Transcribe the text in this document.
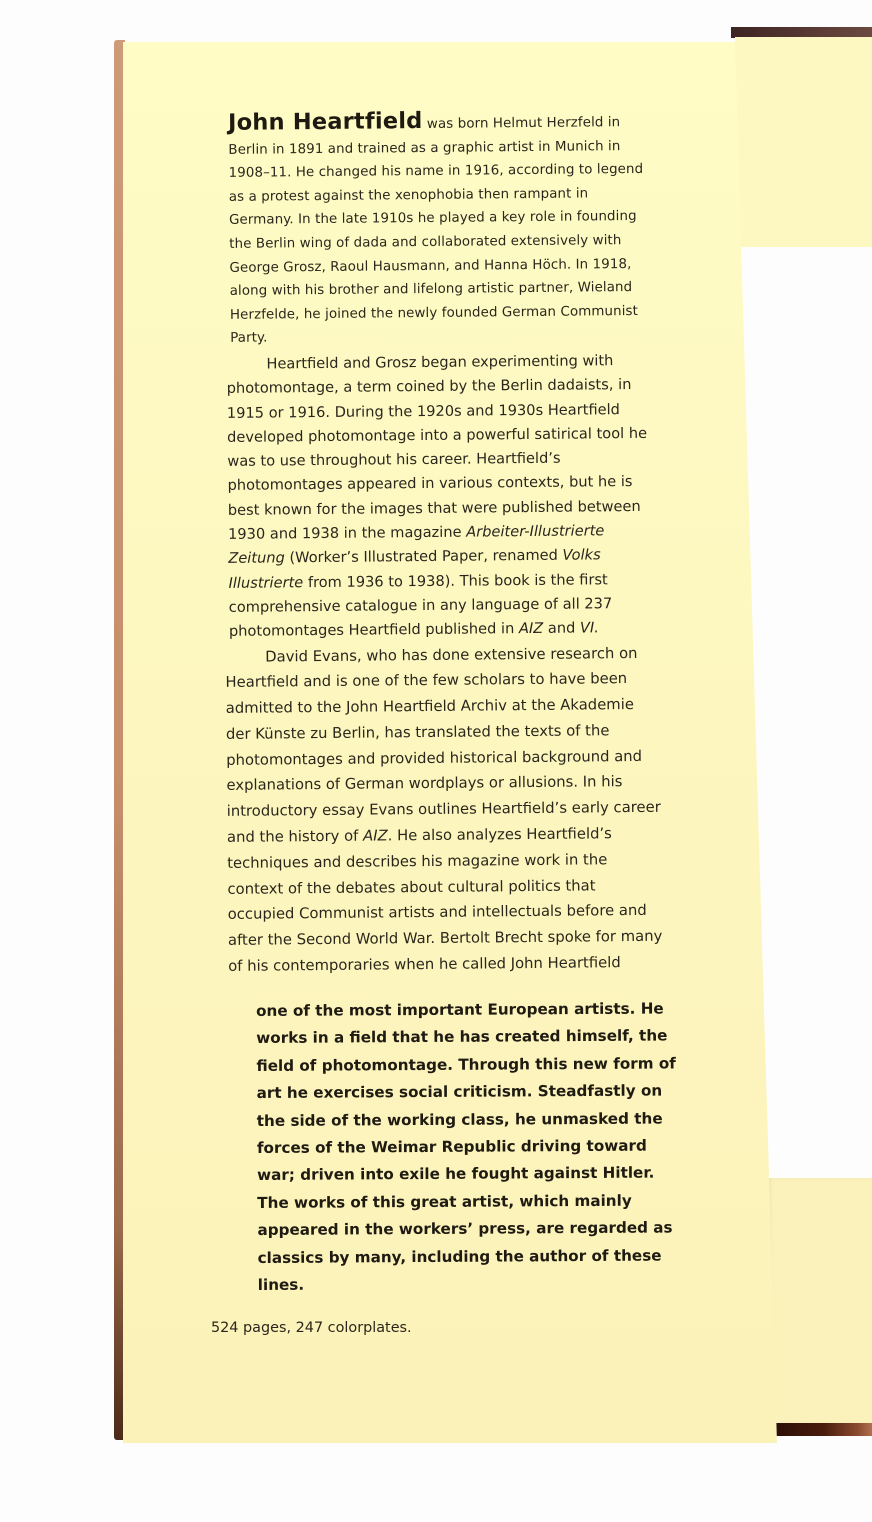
John Heartfield was born Helmut Herzfeld in Berlin in 1891 and trained as a graphic artist in Munich in 1908–11. He changed his name in 1916, according to legend as a protest against the xenophobia then rampant in Germany. In the late 1910s he played a key role in founding the Berlin wing of dada and collaborated extensively with George Grosz, Raoul Hausmann, and Hanna Höch. In 1918, along with his brother and lifelong artistic partner, Wieland Herzfelde, he joined the newly founded German Communist Party.

Heartfield and Grosz began experimenting with photomontage, a term coined by the Berlin dadaists, in 1915 or 1916. During the 1920s and 1930s Heartfield developed photomontage into a powerful satirical tool he was to use throughout his career. Heartfield’s photomontages appeared in various contexts, but he is best known for the images that were published between 1930 and 1938 in the magazine Arbeiter-Illustrierte Zeitung (Worker’s Illustrated Paper, renamed Volks Illustrierte from 1936 to 1938). This book is the first comprehensive catalogue in any language of all 237 photomontages Heartfield published in AIZ and VI.

David Evans, who has done extensive research on Heartfield and is one of the few scholars to have been admitted to the John Heartfield Archiv at the Akademie der Künste zu Berlin, has translated the texts of the photomontages and provided historical background and explanations of German wordplays or allusions. In his introductory essay Evans outlines Heartfield’s early career and the history of AIZ. He also analyzes Heartfield’s techniques and describes his magazine work in the context of the debates about cultural politics that occupied Communist artists and intellectuals before and after the Second World War. Bertolt Brecht spoke for many of his contemporaries when he called John Heartfield

one of the most important European artists. He works in a field that he has created himself, the field of photomontage. Through this new form of art he exercises social criticism. Steadfastly on the side of the working class, he unmasked the forces of the Weimar Republic driving toward war; driven into exile he fought against Hitler. The works of this great artist, which mainly appeared in the workers’ press, are regarded as classics by many, including the author of these lines.
524 pages, 247 colorplates.
